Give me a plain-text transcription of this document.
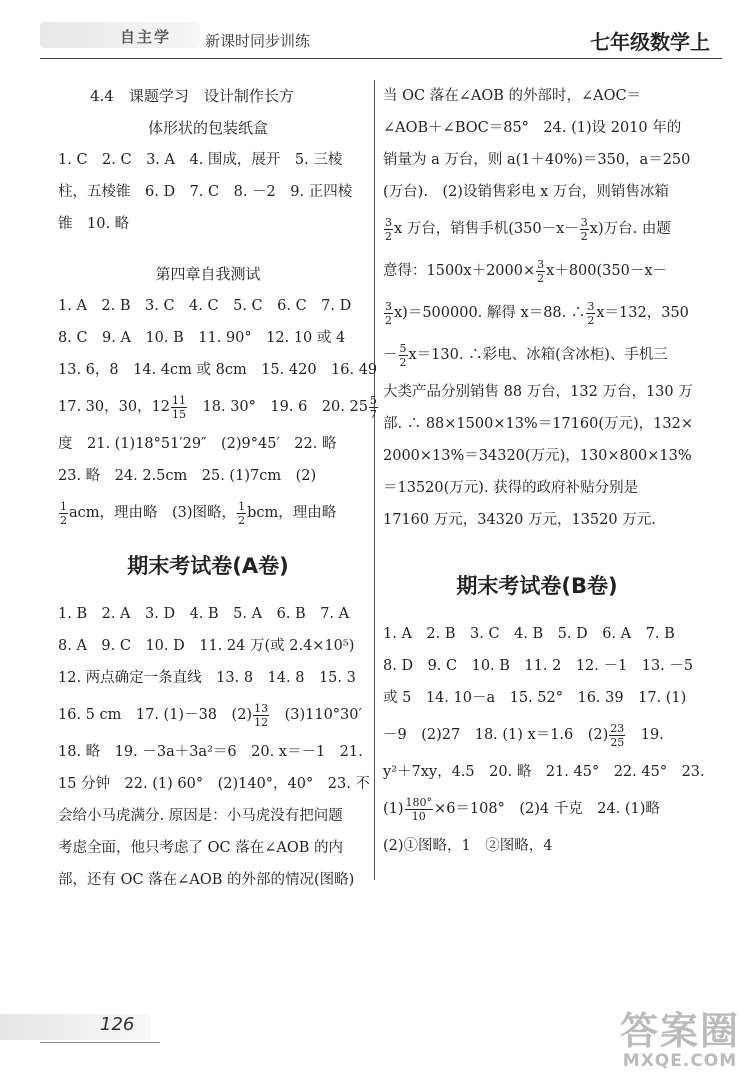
自主学 新课时同步训练	七年级数学上
4.4　课题学习　设计制作长方
体形状的包装纸盒
1. C　2. C　3. A　4. 围成，展开　5. 三棱
柱，五棱锥　6. D　7. C　8. －2　9. 正四棱
锥　10. 略
第四章自我测试
1. A　2. B　3. C　4. C　5. C　6. C　7. D
8. C　9. A　10. B　11. 90°　12. 10 或 4
13. 6，8　14. 4cm 或 8cm　15. 420　16. 49
17. 30，30，$12 \frac{11}{15}$ 　18. 30°　19. 6　20. $25 \frac{5}{7}$
度　21. (1)18°51′29″　(2)9°45′　22. 略
23. 略　24. 2.5cm　25. (1)7cm　(2)
$\frac{1}{2}$ acm，理由略　(3)图略， $\frac{1}{2}$ bcm，理由略
期末考试卷(A卷)
1. B　2. A　3. D　4. B　5. A　6. B　7. A
8. A　9. C　10. D　11. 24 万(或 2.4×10⁵)
12. 两点确定一条直线　13. 8　14. 8　15. 3
16. 5 cm　17. (1)－38　$(2) \frac{13}{12}$ 　(3)110°30′
18. 略　19. －3a＋3a²＝6　20. x＝－1　21.
15 分钟　22. (1) 60°　(2)140°，40°　23. 不
会给小马虎满分. 原因是：小马虎没有把问题
考虑全面，他只考虑了 OC 落在∠AOB 的内
部，还有 OC 落在∠AOB 的外部的情况(图略)
当 OC 落在∠AOB 的外部时，∠AOC＝
∠AOB＋∠BOC＝85°　24. (1)设 2010 年的
销量为 a 万台，则 a(1＋40%)＝350，a＝250
(万台).　(2)设销售彩电 x 万台，则销售冰箱
$\frac{3}{2}$ x 万台，销售手机$(350-x- \frac{3}{2} x)$万台. 由题
意得：$1500x+2000\times \frac{3}{2} x+800(350-x-$
$\frac{3}{2} x)=500000$. 解得 x＝88. ∴ $\frac{3}{2} x=132$，350
－ $\frac{5}{2} x=130$. ∴彩电、冰箱(含冰柜)、手机三
大类产品分别销售 88 万台，132 万台，130 万
部. ∴ 88×1500×13%＝17160(万元)，132×
2000×13%＝34320(万元)，130×800×13%
＝13520(万元). 获得的政府补贴分别是
17160 万元，34320 万元，13520 万元.
期末考试卷(B卷)
1. A　2. B　3. C　4. B　5. D　6. A　7. B
8. D　9. C　10. B　11. 2　12. －1　13. －5
或 5　14. 10－a　15. 52°　16. 39　17. (1)
－9　(2)27　18. (1) x＝1.6　$(2) \frac{23}{25}$ 　19.
y²＋7xy，4.5　20. 略　21. 45°　22. 45°　23.
$(1) \frac{180^\circ}{10} \times 6=108^\circ$　(2)4 千克　24. (1)略
(2)①图略，1　②图略，4
126	答案圈
MXQE.COM
